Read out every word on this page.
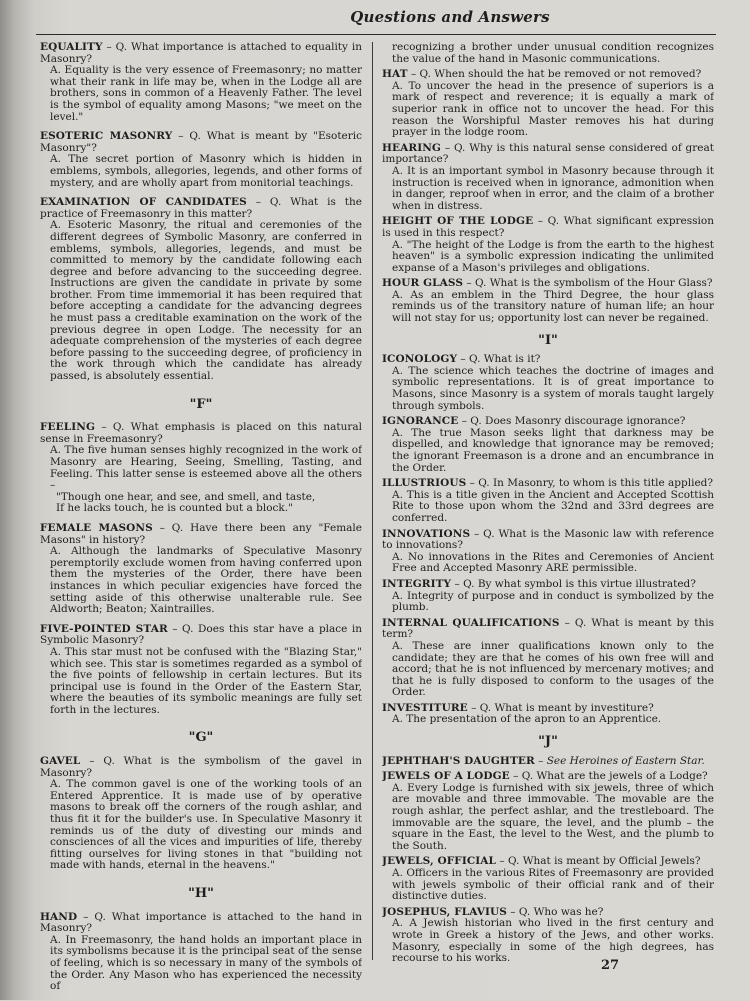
Questions and Answers
EQUALITY – Q. What importance is attached to equality in Masonry?
A. Equality is the very essence of Freemasonry; no matter what their rank in life may be, when in the Lodge all are brothers, sons in common of a Heavenly Father. The level is the symbol of equality among Masons; "we meet on the level."
ESOTERIC MASONRY – Q. What is meant by "Esoteric Masonry"?
A. The secret portion of Masonry which is hidden in emblems, symbols, allegories, legends, and other forms of mystery, and are wholly apart from monitorial teachings.
EXAMINATION OF CANDIDATES – Q. What is the practice of Freemasonry in this matter?
A. Esoteric Masonry, the ritual and ceremonies of the different degrees of Symbolic Masonry, are conferred in emblems, symbols, allegories, legends, and must be committed to memory by the candidate following each degree and before advancing to the succeeding degree. Instructions are given the candidate in private by some brother. From time immemorial it has been required that before accepting a candidate for the advancing degrees he must pass a creditable examination on the work of the previous degree in open Lodge. The necessity for an adequate comprehension of the mysteries of each degree before passing to the succeeding degree, of proficiency in the work through which the candidate has already passed, is absolutely essential.
"F"
FEELING – Q. What emphasis is placed on this natural sense in Freemasonry?
A. The five human senses highly recognized in the work of Masonry are Hearing, Seeing, Smelling, Tasting, and Feeling. This latter sense is esteemed above all the others –
"Though one hear, and see, and smell, and taste,
If he lacks touch, he is counted but a block."
FEMALE MASONS – Q. Have there been any "Female Masons" in history?
A. Although the landmarks of Speculative Masonry peremptorily exclude women from having conferred upon them the mysteries of the Order, there have been instances in which peculiar exigencies have forced the setting aside of this otherwise unalterable rule. See Aldworth; Beaton; Xaintrailles.
FIVE-POINTED STAR – Q. Does this star have a place in Symbolic Masonry?
A. This star must not be confused with the "Blazing Star," which see. This star is sometimes regarded as a symbol of the five points of fellowship in certain lectures. But its principal use is found in the Order of the Eastern Star, where the beauties of its symbolic meanings are fully set forth in the lectures.
"G"
GAVEL – Q. What is the symbolism of the gavel in Masonry?
A. The common gavel is one of the working tools of an Entered Apprentice. It is made use of by operative masons to break off the corners of the rough ashlar, and thus fit it for the builder's use. In Speculative Masonry it reminds us of the duty of divesting our minds and consciences of all the vices and impurities of life, thereby fitting ourselves for living stones in that "building not made with hands, eternal in the heavens."
"H"
HAND – Q. What importance is attached to the hand in Masonry?
A. In Freemasonry, the hand holds an important place in its symbolisms because it is the principal seat of the sense of feeling, which is so necessary in many of the symbols of the Order. Any Mason who has experienced the necessity of
recognizing a brother under unusual condition recognizes the value of the hand in Masonic communications.
HAT – Q. When should the hat be removed or not removed?
A. To uncover the head in the presence of superiors is a mark of respect and reverence; it is equally a mark of superior rank in office not to uncover the head. For this reason the Worshipful Master removes his hat during prayer in the lodge room.
HEARING – Q. Why is this natural sense considered of great importance?
A. It is an important symbol in Masonry because through it instruction is received when in ignorance, admonition when in danger, reproof when in error, and the claim of a brother when in distress.
HEIGHT OF THE LODGE – Q. What significant expression is used in this respect?
A. "The height of the Lodge is from the earth to the highest heaven" is a symbolic expression indicating the unlimited expanse of a Mason's privileges and obligations.
HOUR GLASS – Q. What is the symbolism of the Hour Glass?
A. As an emblem in the Third Degree, the hour glass reminds us of the transitory nature of human life; an hour will not stay for us; opportunity lost can never be regained.
"I"
ICONOLOGY – Q. What is it?
A. The science which teaches the doctrine of images and symbolic representations. It is of great importance to Masons, since Masonry is a system of morals taught largely through symbols.
IGNORANCE – Q. Does Masonry discourage ignorance?
A. The true Mason seeks light that darkness may be dispelled, and knowledge that ignorance may be removed; the ignorant Freemason is a drone and an encumbrance in the Order.
ILLUSTRIOUS – Q. In Masonry, to whom is this title applied?
A. This is a title given in the Ancient and Accepted Scottish Rite to those upon whom the 32nd and 33rd degrees are conferred.
INNOVATIONS – Q. What is the Masonic law with reference to innovations?
A. No innovations in the Rites and Ceremonies of Ancient Free and Accepted Masonry ARE permissible.
INTEGRITY – Q. By what symbol is this virtue illustrated?
A. Integrity of purpose and in conduct is symbolized by the plumb.
INTERNAL QUALIFICATIONS – Q. What is meant by this term?
A. These are inner qualifications known only to the candidate; they are that he comes of his own free will and accord; that he is not influenced by mercenary motives; and that he is fully disposed to conform to the usages of the Order.
INVESTITURE – Q. What is meant by investiture?
A. The presentation of the apron to an Apprentice.
"J"
JEPHTHAH'S DAUGHTER – See Heroines of Eastern Star.
JEWELS OF A LODGE – Q. What are the jewels of a Lodge?
A. Every Lodge is furnished with six jewels, three of which are movable and three immovable. The movable are the rough ashlar, the perfect ashlar, and the trestleboard. The immovable are the square, the level, and the plumb – the square in the East, the level to the West, and the plumb to the South.
JEWELS, OFFICIAL – Q. What is meant by Official Jewels?
A. Officers in the various Rites of Freemasonry are provided with jewels symbolic of their official rank and of their distinctive duties.
JOSEPHUS, FLAVIUS – Q. Who was he?
A. A Jewish historian who lived in the first century and wrote in Greek a history of the Jews, and other works. Masonry, especially in some of the high degrees, has recourse to his works.	27
